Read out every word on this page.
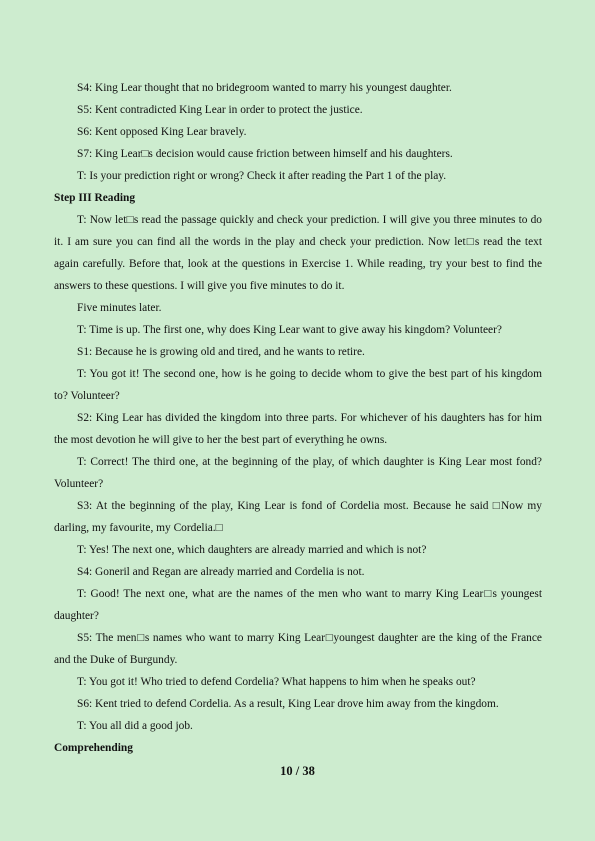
S4: King Lear thought that no bridegroom wanted to marry his youngest daughter.

S5: Kent contradicted King Lear in order to protect the justice.

S6: Kent opposed King Lear bravely.

S7: King Lear□s decision would cause friction between himself and his daughters.

T: Is your prediction right or wrong? Check it after reading the Part 1 of the play.

Step III Reading

T: Now let□s read the passage quickly and check your prediction. I will give you three minutes to do it. I am sure you can find all the words in the play and check your prediction. Now let□s read the text again carefully. Before that, look at the questions in Exercise 1. While reading, try your best to find the answers to these questions. I will give you five minutes to do it.

Five minutes later.

T: Time is up. The first one, why does King Lear want to give away his kingdom? Volunteer?

S1: Because he is growing old and tired, and he wants to retire.

T: You got it! The second one, how is he going to decide whom to give the best part of his kingdom to? Volunteer?

S2: King Lear has divided the kingdom into three parts. For whichever of his daughters has for him the most devotion he will give to her the best part of everything he owns.

T: Correct! The third one, at the beginning of the play, of which daughter is King Lear most fond? Volunteer?

S3: At the beginning of the play, King Lear is fond of Cordelia most. Because he said □Now my darling, my favourite, my Cordelia.□

T: Yes! The next one, which daughters are already married and which is not?

S4: Goneril and Regan are already married and Cordelia is not.

T: Good! The next one, what are the names of the men who want to marry King Lear□s youngest daughter?

S5: The men□s names who want to marry King Lear□youngest daughter are the king of the France and the Duke of Burgundy.

T: You got it! Who tried to defend Cordelia? What happens to him when he speaks out?

S6: Kent tried to defend Cordelia. As a result, King Lear drove him away from the kingdom.

T: You all did a good job.

Comprehending

10 / 38
